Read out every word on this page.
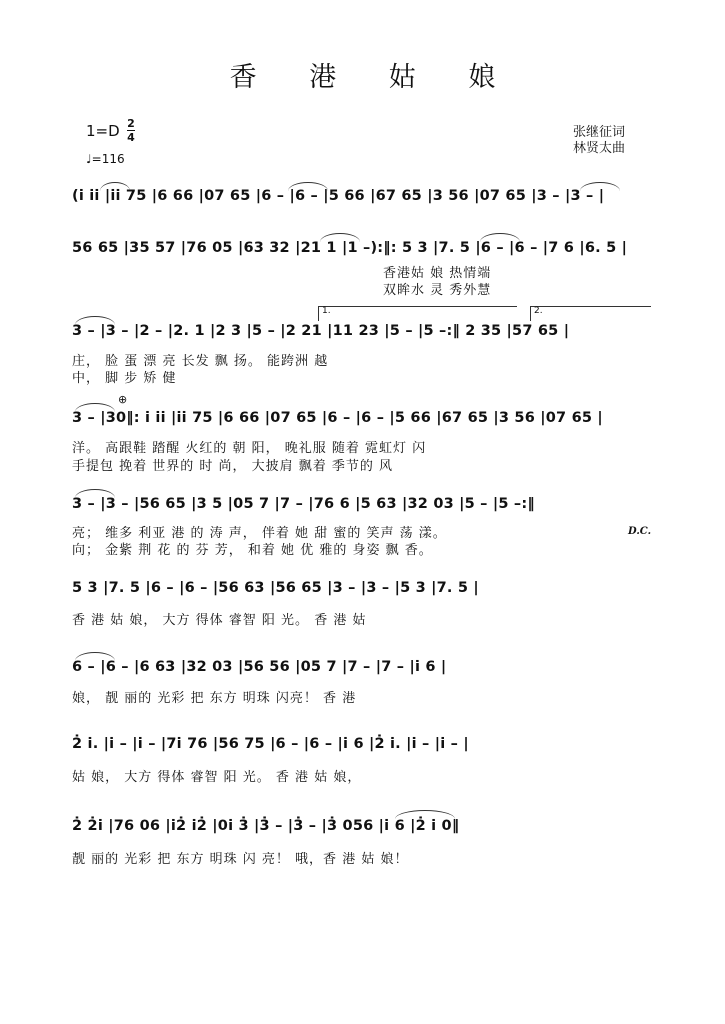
香 港 姑 娘
1=D 2
4
♩=116
张继征词
林贤太曲
(i̇ i̇i̇ |i̇i̇ 75 |6 66 |07 65 |6 – |6 – |5 66 |67 65 |3 56 |07 65 |3 – |3 – |
56 65 |35 57 |76 05 |63 32 |21 1 |1 –):‖: 5 3 |7. 5 |6 – |6 – |7 6 |6. 5 |
香港姑 娘 热情端
双眸水 灵 秀外慧
1.	2.
3 – |3 – |2 – |2. 1 |2 3 |5 – |2 21 |11 23 |5 – |5 –:‖ 2 35 |57 65 |
庄， 脸 蛋 漂 亮 长发 飘 扬。 能跨洲 越
中， 脚 步 矫 健
⊕
3 – |30‖: i̇ i̇i̇ |i̇i̇ 75 |6 66 |07 65 |6 – |6 – |5 66 |67 65 |3 56 |07 65 |
洋。 高跟鞋 踏醒 火红的 朝 阳， 晚礼服 随着 霓虹灯 闪
手提包 挽着 世界的 时 尚， 大披肩 飘着 季节的 风
3 – |3 – |56 65 |3 5 |05 7 |7 – |76 6 |5 63 |32 03 |5 – |5 –:‖
亮； 维多 利亚 港 的 涛 声， 伴着 她 甜 蜜的 笑声 荡 漾。
向； 金紫 荆 花 的 芬 芳， 和着 她 优 雅的 身姿 飘 香。
D.C.
5 3 |7. 5 |6 – |6 – |56 63 |56 65 |3 – |3 – |5 3 |7. 5 |
香 港 姑 娘， 大方 得体 睿智 阳 光。 香 港 姑
6 – |6 – |6 63 |32 03 |56 56 |05 7 |7 – |7 – |i̇ 6 |
娘， 靓 丽的 光彩 把 东方 明珠 闪亮！ 香 港
2̇ i̇. |i̇ – |i̇ – |7i̇ 76 |56 75 |6 – |6 – |i̇ 6 |2̇ i̇. |i̇ – |i̇ – |
姑 娘， 大方 得体 睿智 阳 光。 香 港 姑 娘，
2̇ 2̇i̇ |76 06 |i̇2̇ i̇2̇ |0i̇ 3̇ |3̇ – |3̇ – |3̇ 056 |i̇ 6 |2̇ i̇ 0‖
靓 丽的 光彩 把 东方 明珠 闪 亮！ 哦，香 港 姑 娘！
